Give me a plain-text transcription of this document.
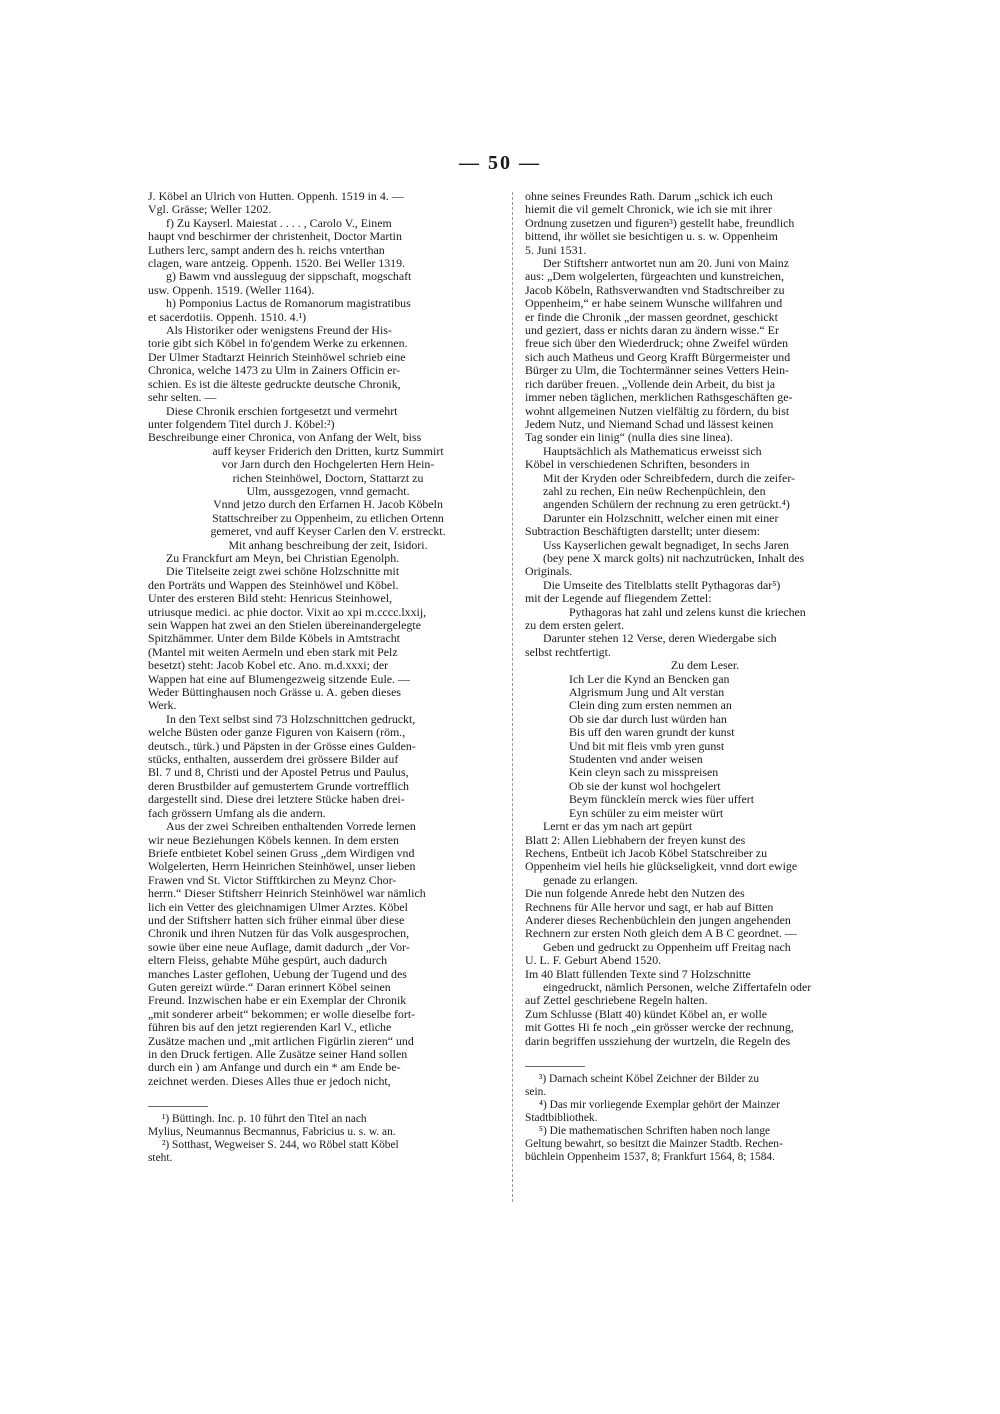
— 50 —
J. Köbel an Ulrich von Hutten. Oppenh. 1519 in 4. —
Vgl. Grässe; Weller 1202.
f) Zu Kayserl. Maiestat . . . . , Carolo V., Einem
haupt vnd beschirmer der christenheit, Doctor Martin
Luthers lerc, sampt andern des h. reichs vnterthan
clagen, ware antzeig. Oppenh. 1520. Bei Weller 1319.
g) Bawm vnd aussleguug der sippschaft, mogschaft
usw. Oppenh. 1519. (Weller 1164).
h) Pomponius Lactus de Romanorum magistratibus
et sacerdotiis. Oppenh. 1510. 4.¹)
Als Historiker oder wenigstens Freund der His-
torie gibt sich Köbel in fo'gendem Werke zu erkennen.
Der Ulmer Stadtarzt Heinrich Steinhöwel schrieb eine
Chronica, welche 1473 zu Ulm in Zainers Officin er-
schien. Es ist die älteste gedruckte deutsche Chronik,
sehr selten. —
Diese Chronik erschien fortgesetzt und vermehrt
unter folgendem Titel durch J. Köbel:²)
Beschreibunge einer Chronica, von Anfang der Welt, biss
auff keyser Friderich den Dritten, kurtz Summirt
vor Jarn durch den Hochgelerten Hern Hein-
richen Steinhöwel, Doctorn, Stattarzt zu
Ulm, aussgezogen, vnnd gemacht.
Vnnd jetzo durch den Erfarnen H. Jacob Köbeln
Stattschreiber zu Oppenheim, zu etlichen Ortenn
gemeret, vnd auff Keyser Carlen den V. erstreckt.
Mit anhang beschreibung der zeit, Isidori.
Zu Franckfurt am Meyn, bei Christian Egenolph.
Die Titelseite zeigt zwei schöne Holzschnitte mit
den Porträts und Wappen des Steinhöwel und Köbel.
Unter des ersteren Bild steht: Henricus Steinhowel,
utriusque medici. ac phie doctor. Vixit ao xpi m.cccc.lxxij,
sein Wappen hat zwei an den Stielen übereinandergelegte
Spitzhämmer. Unter dem Bilde Köbels in Amtstracht
(Mantel mit weiten Aermeln und eben stark mit Pelz
besetzt) steht: Jacob Kobel etc. Ano. m.d.xxxi; der
Wappen hat eine auf Blumengezweig sitzende Eule. —
Weder Büttinghausen noch Grässe u. A. geben dieses
Werk.
In den Text selbst sind 73 Holzschnittchen gedruckt,
welche Büsten oder ganze Figuren von Kaisern (röm.,
deutsch., türk.) und Päpsten in der Grösse eines Gulden-
stücks, enthalten, ausserdem drei grössere Bilder auf
Bl. 7 und 8, Christi und der Apostel Petrus und Paulus,
deren Brustbilder auf gemustertem Grunde vortrefflich
dargestellt sind. Diese drei letztere Stücke haben drei-
fach grössern Umfang als die andern.
Aus der zwei Schreiben enthaltenden Vorrede lernen
wir neue Beziehungen Köbels kennen. In dem ersten
Briefe entbietet Kobel seinen Gruss „dem Wirdigen vnd
Wolgelerten, Herrn Heinrichen Steinhöwel, unser lieben
Frawen vnd St. Victor Stifftkirchen zu Meynz Chor-
herrn.“ Dieser Stiftsherr Heinrich Steinhöwel war nämlich
lich ein Vetter des gleichnamigen Ulmer Arztes. Köbel
und der Stiftsherr hatten sich früher einmal über diese
Chronik und ihren Nutzen für das Volk ausgesprochen,
sowie über eine neue Auflage, damit dadurch „der Vor-
eltern Fleiss, gehabte Mühe gespürt, auch dadurch
manches Laster geflohen, Uebung der Tugend und des
Guten gereizt würde.“ Daran erinnert Köbel seinen
Freund. Inzwischen habe er ein Exemplar der Chronik
„mit sonderer arbeit“ bekommen; er wolle dieselbe fort-
führen bis auf den jetzt regierenden Karl V., etliche
Zusätze machen und „mit artlichen Figürlin zieren“ und
in den Druck fertigen. Alle Zusätze seiner Hand sollen
durch ein ) am Anfange und durch ein * am Ende be-
zeichnet werden. Dieses Alles thue er jedoch nicht,
¹) Büttingh. Inc. p. 10 führt den Titel an nach
Mylius, Neumannus Becmannus, Fabricius u. s. w. an.
²) Sotthast, Wegweiser S. 244, wo Röbel statt Köbel
steht.
ohne seines Freundes Rath. Darum „schick ich euch
hiemit die vil gemelt Chronick, wie ich sie mit ihrer
Ordnung zusetzen und figuren³) gestellt habe, freundlich
bittend, ihr wöllet sie besichtigen u. s. w. Oppenheim
5. Juni 1531.
Der Stiftsherr antwortet nun am 20. Juni von Mainz
aus: „Dem wolgelerten, fürgeachten und kunstreichen,
Jacob Köbeln, Rathsverwandten vnd Stadtschreiber zu
Oppenheim,“ er habe seinem Wunsche willfahren und
er finde die Chronik „der massen geordnet, geschickt
und geziert, dass er nichts daran zu ändern wisse.“ Er
freue sich über den Wiederdruck; ohne Zweifel würden
sich auch Matheus und Georg Krafft Bürgermeister und
Bürger zu Ulm, die Tochtermänner seines Vetters Hein-
rich darüber freuen. „Vollende dein Arbeit, du bist ja
immer neben täglichen, merklichen Rathsgeschäften ge-
wohnt allgemeinen Nutzen vielfältig zu fördern, du bist
Jedem Nutz, und Niemand Schad und lässest keinen
Tag sonder ein linig“ (nulla dies sine linea).
Hauptsächlich als Mathematicus erweisst sich
Köbel in verschiedenen Schriften, besonders in
Mit der Kryden oder Schreibfedern, durch die zeifer-
zahl zu rechen, Ein neüw Rechenpüchlein, den
angenden Schülern der rechnung zu eren getrückt.⁴)
Darunter ein Holzschnitt, welcher einen mit einer
Subtraction Beschäftigten darstellt; unter diesem:
Uss Kayserlichen gewalt begnadiget, In sechs Jaren
(bey pene X marck golts) nit nachzutrücken, Inhalt des
Originals.
Die Umseite des Titelblatts stellt Pythagoras dar⁵)
mit der Legende auf fliegendem Zettel:
Pythagoras hat zahl und zelens kunst die kriechen
zu dem ersten gelert.
Darunter stehen 12 Verse, deren Wiedergabe sich
selbst rechtfertigt.
Zu dem Leser.
Ich Ler die Kynd an Bencken gan
Algrismum Jung und Alt verstan
Clein ding zum ersten nemmen an
Ob sie dar durch lust würden han
Bis uff den waren grundt der kunst
Und bit mit fleis vmb yren gunst
Studenten vnd ander weisen
Kein cleyn sach zu misspreisen
Ob sie der kunst wol hochgelert
Beym fünckleín merck wies füer uffert
Eyn schüler zu eim meister würt
Lernt er das ym nach art gepürt
Blatt 2: Allen Liebhabern der freyen kunst des
Rechens, Entbeüt ich Jacob Köbel Statschreiber zu
Oppenheim viel heils hie glückseligkeit, vnnd dort ewige
genade zu erlangen.
Die nun folgende Anrede hebt den Nutzen des
Rechnens für Alle hervor und sagt, er hab auf Bitten
Anderer dieses Rechenbüchlein den jungen angehenden
Rechnern zur ersten Noth gleich dem A B C geordnet. —
Geben und gedruckt zu Oppenheim uff Freitag nach
U. L. F. Geburt Abend 1520.
Im 40 Blatt füllenden Texte sind 7 Holzschnitte
eingedruckt, nämlich Personen, welche Ziffertafeln oder
auf Zettel geschriebene Regeln halten.
Zum Schlusse (Blatt 40) kündet Köbel an, er wolle
mit Gottes Hi fe noch „ein grösser wercke der rechnung,
darin begriffen ussziehung der wurtzeln, die Regeln des
³) Darnach scheint Köbel Zeichner der Bilder zu
sein.
⁴) Das mir vorliegende Exemplar gehört der Mainzer
Stadtbibliothek.
⁵) Die mathematischen Schriften haben noch lange
Geltung bewahrt, so besitzt die Mainzer Stadtb. Rechen-
büchlein Oppenheim 1537, 8; Frankfurt 1564, 8; 1584.
